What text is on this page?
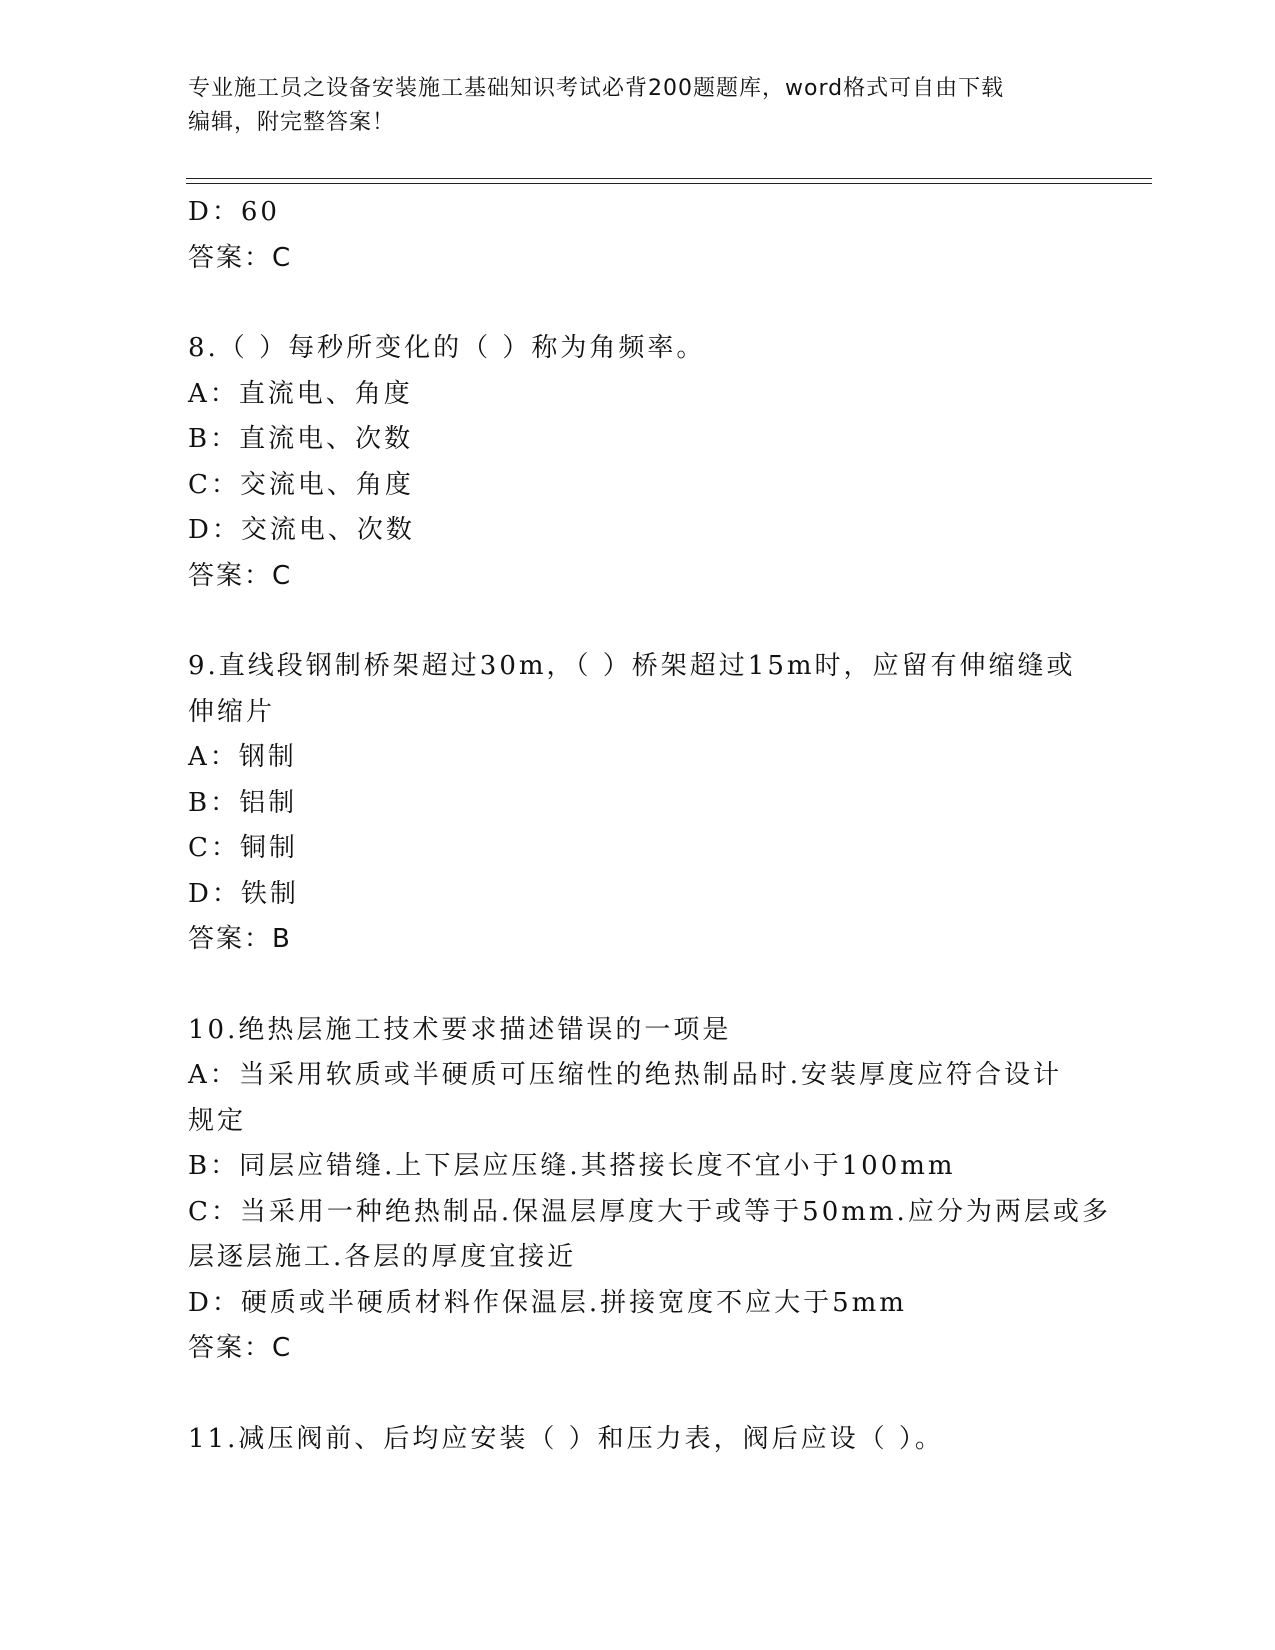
专业施工员之设备安装施工基础知识考试必背200题题库，word格式可自由下载
编辑，附完整答案！
D：60
答案：C
8.（ ）每秒所变化的（ ）称为角频率。
A：直流电、角度
B：直流电、次数
C：交流电、角度
D：交流电、次数
答案：C
9.直线段钢制桥架超过30m，（ ）桥架超过15m时，应留有伸缩缝或
伸缩片
A：钢制
B：铝制
C：铜制
D：铁制
答案：B
10.绝热层施工技术要求描述错误的一项是
A：当采用软质或半硬质可压缩性的绝热制品时.安装厚度应符合设计
规定
B：同层应错缝.上下层应压缝.其搭接长度不宜小于100mm
C：当采用一种绝热制品.保温层厚度大于或等于50mm.应分为两层或多
层逐层施工.各层的厚度宜接近
D：硬质或半硬质材料作保温层.拼接宽度不应大于5mm
答案：C
11.减压阀前、后均应安装（ ）和压力表，阀后应设（ ）。
